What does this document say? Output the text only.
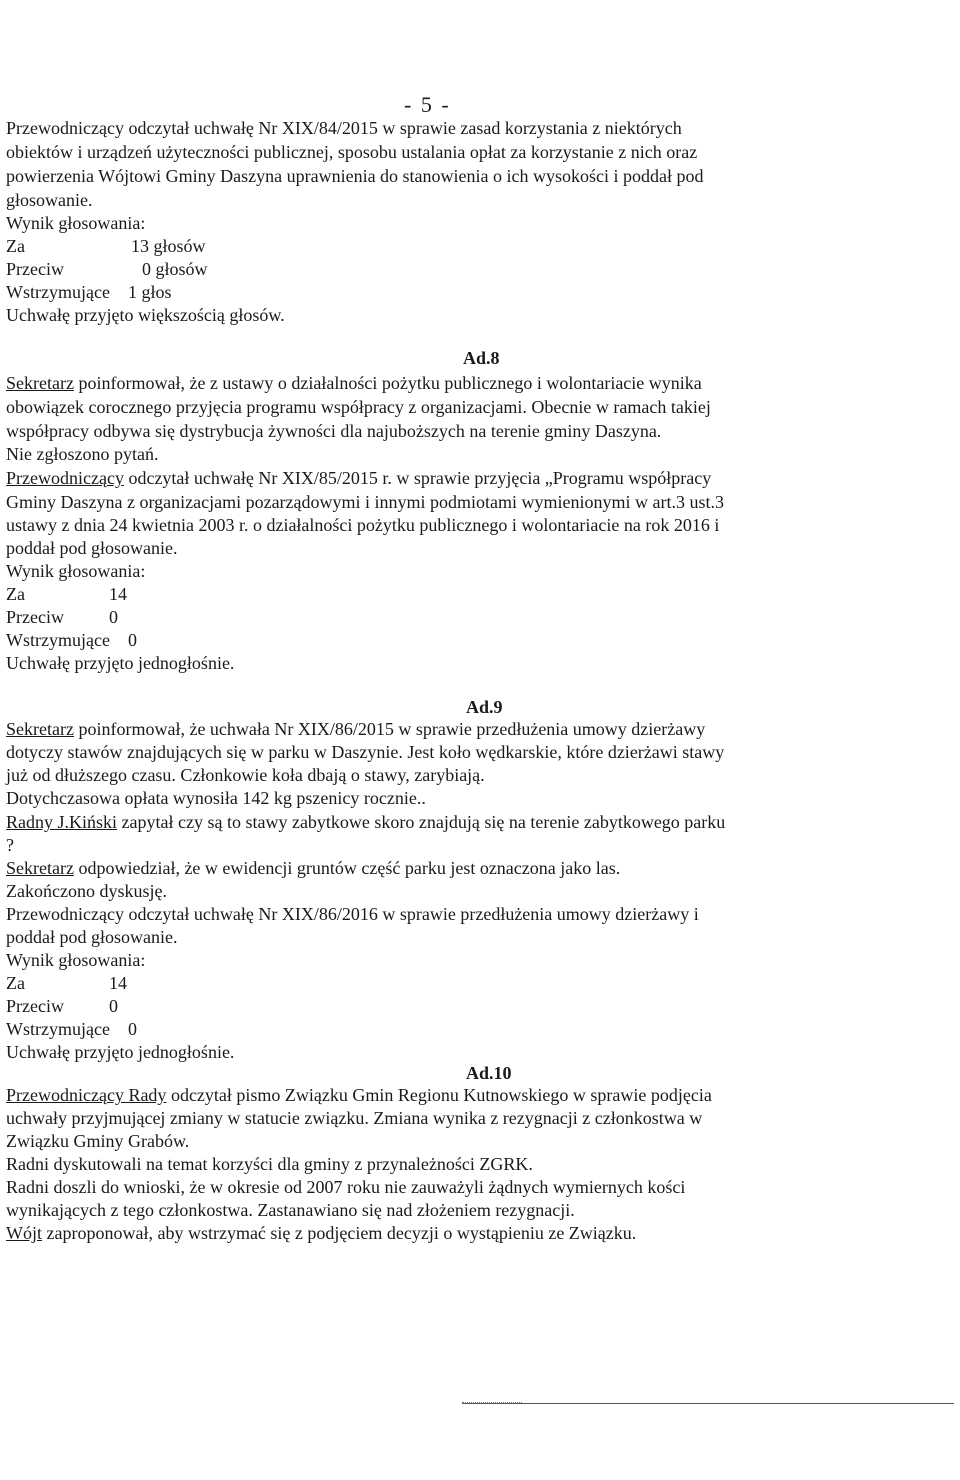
- 5 -
Przewodniczący odczytał uchwałę Nr XIX/84/2015 w sprawie zasad korzystania z niektórych
obiektów i urządzeń użyteczności publicznej, sposobu ustalania opłat za korzystanie z nich oraz
powierzenia Wójtowi Gminy Daszyna uprawnienia do stanowienia o ich wysokości i poddał pod
głosowanie.
Wynik głosowania:
Za	13 głosów
Przeciw	0 głosów
Wstrzymujące 1 głos
Uchwałę przyjęto większością głosów.
Ad.8
Sekretarz poinformował, że z ustawy o działalności pożytku publicznego i wolontariacie wynika
obowiązek corocznego przyjęcia programu współpracy z organizacjami. Obecnie w ramach takiej
współpracy odbywa się dystrybucja żywności dla najuboższych na terenie gminy Daszyna.
Nie zgłoszono pytań.
Przewodniczący odczytał uchwałę Nr XIX/85/2015 r. w sprawie przyjęcia „Programu współpracy
Gminy Daszyna z organizacjami pozarządowymi i innymi podmiotami wymienionymi w art.3 ust.3
ustawy z dnia 24 kwietnia 2003 r. o działalności pożytku publicznego i wolontariacie na rok 2016 i
poddał pod głosowanie.
Wynik głosowania:
Za	14
Przeciw	0
Wstrzymujące 0
Uchwałę przyjęto jednogłośnie.
Ad.9
Sekretarz poinformował, że uchwała Nr XIX/86/2015 w sprawie przedłużenia umowy dzierżawy
dotyczy stawów znajdujących się w parku w Daszynie. Jest koło wędkarskie, które dzierżawi stawy
już od dłuższego czasu. Członkowie koła dbają o stawy, zarybiają.
Dotychczasowa opłata wynosiła 142 kg pszenicy rocznie..
Radny J.Kiński zapytał czy są to stawy zabytkowe skoro znajdują się na terenie zabytkowego parku
?
Sekretarz odpowiedział, że w ewidencji gruntów część parku jest oznaczona jako las.
Zakończono dyskusję.
Przewodniczący odczytał uchwałę Nr XIX/86/2016 w sprawie przedłużenia umowy dzierżawy i
poddał pod głosowanie.
Wynik głosowania:
Za	14
Przeciw	0
Wstrzymujące 0
Uchwałę przyjęto jednogłośnie.
Ad.10
Przewodniczący Rady odczytał pismo Związku Gmin Regionu Kutnowskiego w sprawie podjęcia
uchwały przyjmującej zmiany w statucie związku. Zmiana wynika z rezygnacji z członkostwa w
Związku Gminy Grabów.
Radni dyskutowali na temat korzyści dla gminy z przynależności ZGRK.
Radni doszli do wnioski, że w okresie od 2007 roku nie zauważyli żądnych wymiernych kości
wynikających z tego członkostwa. Zastanawiano się nad złożeniem rezygnacji.
Wójt zaproponował, aby wstrzymać się z podjęciem decyzji o wystąpieniu ze Związku.
